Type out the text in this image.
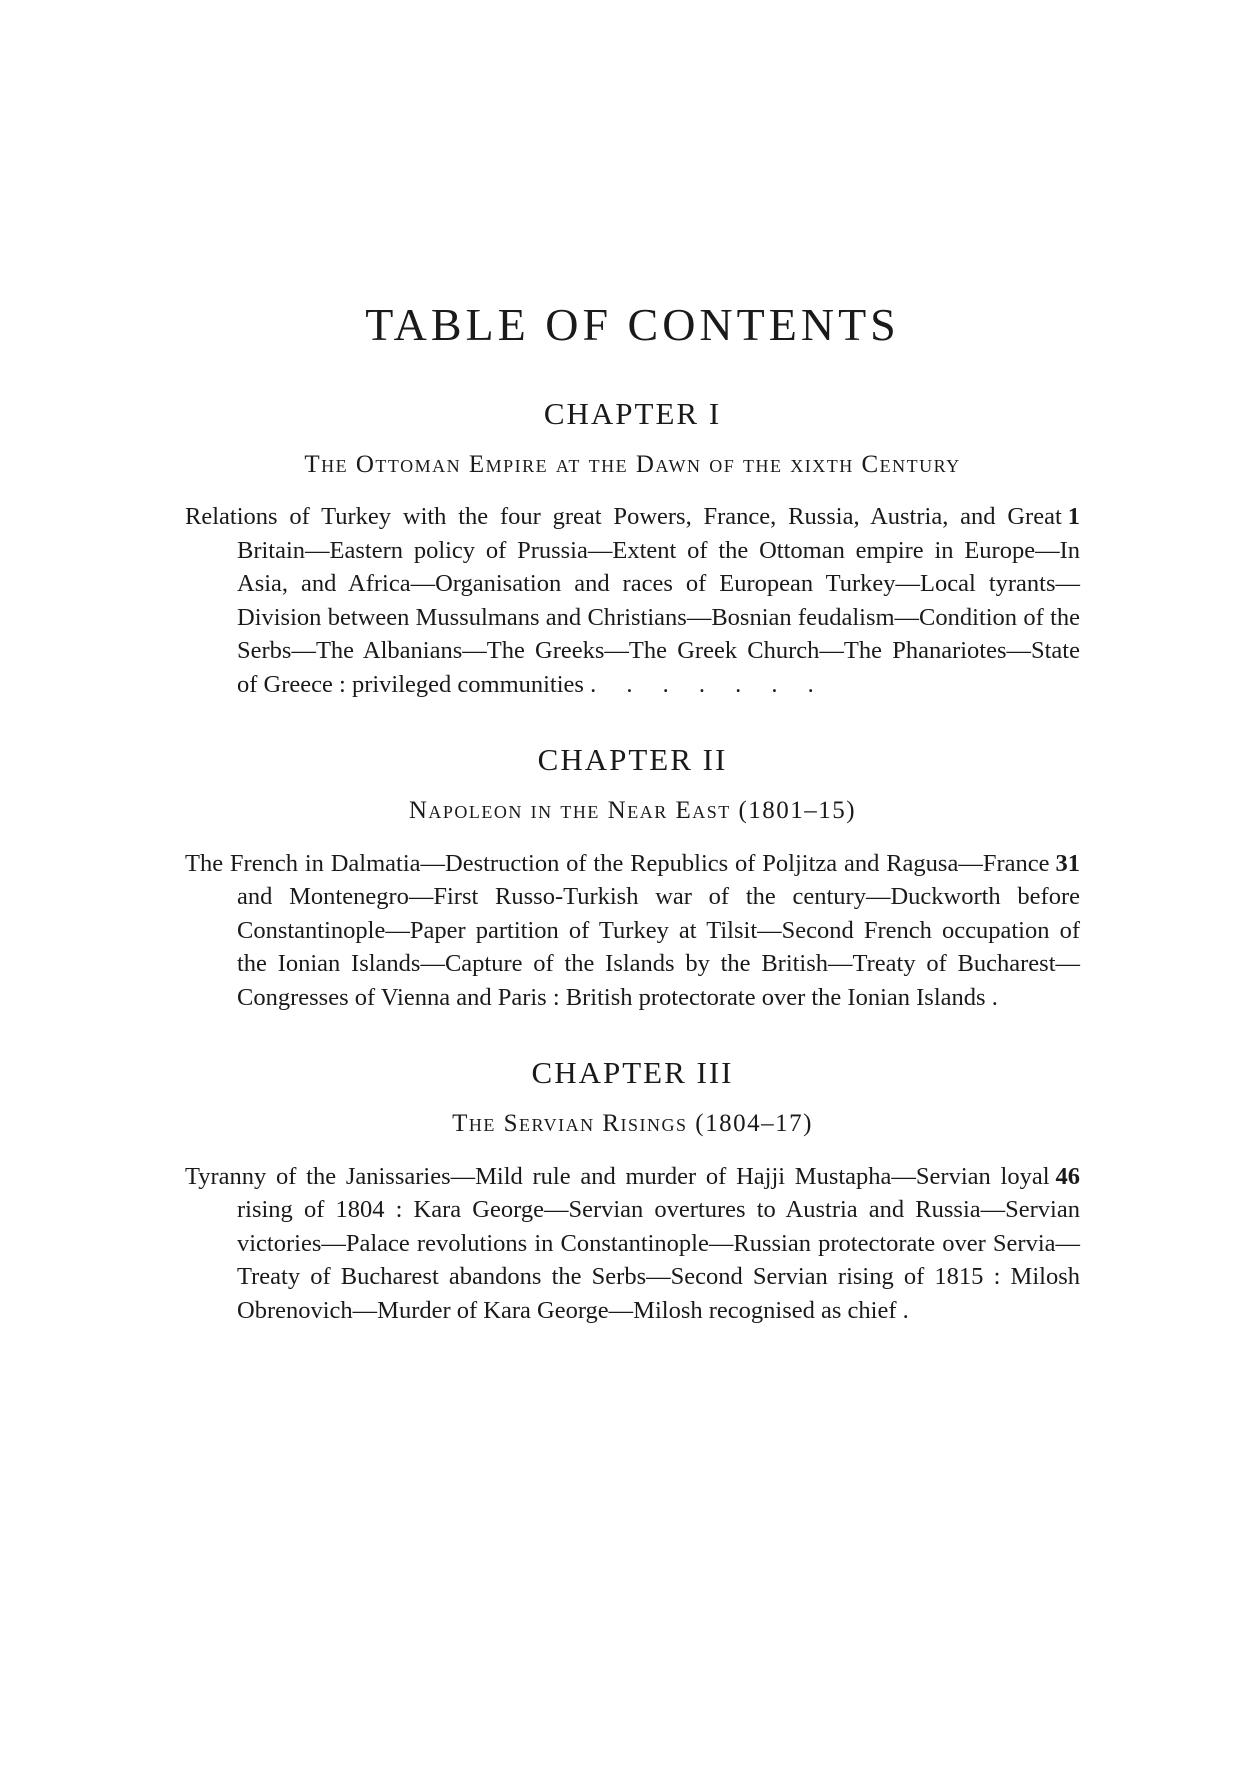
TABLE OF CONTENTS
CHAPTER I
The Ottoman Empire at the Dawn of the xixth Century

1
Relations of Turkey with the four great Powers, France, Russia, Austria, and Great Britain—Eastern policy of Prussia—Extent of the Ottoman empire in Europe—In Asia, and Africa—Organisation and races of European Turkey—Local tyrants—Division between Mussulmans and Christians—Bosnian feudalism—Condition of the Serbs—The Albanians—The Greeks—The Greek Church—The Phanariotes—State of Greece : privileged communities . . . . . . .

CHAPTER II
Napoleon in the Near East (1801–15)

31
The French in Dalmatia—Destruction of the Republics of Poljitza and Ragusa—France and Montenegro—First Russo-Turkish war of the century—Duckworth before Constantinople—Paper partition of Turkey at Tilsit—Second French occupation of the Ionian Islands—Capture of the Islands by the British—Treaty of Bucharest—Congresses of Vienna and Paris : British protectorate over the Ionian Islands .

CHAPTER III
The Servian Risings (1804–17)

46
Tyranny of the Janissaries—Mild rule and murder of Hajji Mustapha—Servian loyal rising of 1804 : Kara George—Servian overtures to Austria and Russia—Servian victories—Palace revolutions in Constantinople—Russian protectorate over Servia—Treaty of Bucharest abandons the Serbs—Second Servian rising of 1815 : Milosh Obrenovich—Murder of Kara George—Milosh recognised as chief .
